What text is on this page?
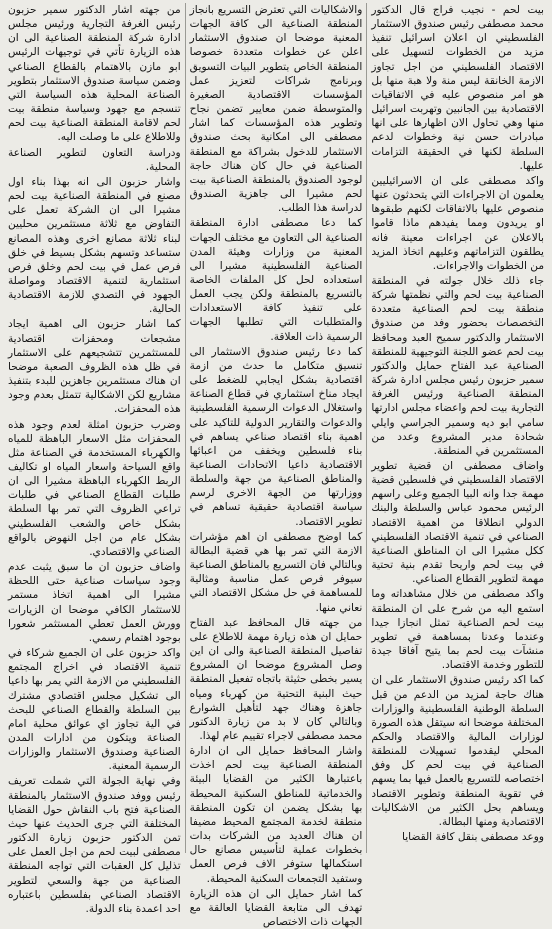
بيت لحم - نجيب فراج قال الدكتور محمد مصطفى رئيس صندوق الاستثمار الفلسطيني ان اعلان اسرائيل تنفيذ مزيد من الخطوات لتسهيل على الاقتصاد الفلسطيني من اجل تجاوز الازمة الخانقة ليس منة ولا هبة منها بل هو امر منصوص عليه في الاتفاقيات الاقتصادية بين الجانبين وتهربت اسرائيل منها وهي تحاول الان اظهارها على انها مبادرات حسن نية وخطوات لدعم السلطة لكنها في الحقيقة التزامات عليها.

واكد مصطفى على ان الاسرائيليين يعلمون ان الاجراءات التي يتحدثون عنها منصوص عليها بالاتفاقات لكنهم طبقوها او يريدون ومما يفيدهم ماذا قاموا بالاعلان عن اجراءات معينة فانه يطلقون التزاماتهم وعليهم اتخاذ المزيد من الخطوات والاجراءات.

جاء ذلك خلال جولته في المنطقة الصناعية بيت لحم والتي نظمتها شركة منطقة بيت لحم الصناعية متعددة التخصصات بحضور وفد من صندوق الاستثمار والدكتور سميح العبد ومحافظ بيت لحم عضو اللجنة التوجيهية للمنطقة الصناعية عبد الفتاح حمايل والدكتور سمير حزبون رئيس مجلس ادارة شركة المنطقة الصناعية ورئيس الغرفة التجارية بيت لحم واعضاء مجلس ادارتها سامي ابو ديه وسمير الجراسي وايلي شحادة مدير المشروع وعدد من المستثمرين في المنطقة.

واضاف مصطفى ان قضية تطوير الاقتصاد الفلسطيني في فلسطين قضية مهمة جدا وانه البيا الجميع وعلى راسهم الرئيس محمود عباس والسلطة والبنك الدولي انطلاقا من اهمية الاقتصاد الصناعي في تنمية الاقتصاد الفلسطيني ككل مشيرا الى ان المناطق الصناعية في بيت لحم واريحا تقدم بنية تحتية مهمة لتطوير القطاع الصناعي.

واكد مصطفى من خلال مشاهداته وما استمع اليه من شرح على ان المنطقة بيت لحم الصناعية تمثل انجازا جيدا وعندما وعدنا بمساهمة في تطوير منشآت بيت لحم بما يتيح آفاقا جيدة للتطور وخدمة الاقتصاد.

كما اكد رئيس صندوق الاستثمار على ان هناك حاجة لمزيد من الدعم من قبل السلطة الوطنية الفلسطينية والوزارات المختلفة موضحا انه سيتقل هذه الصورة لوزارات المالية والاقتصاد والحكم المحلي ليقدموا تسهيلات للمنطقة الصناعية في بيت لحم كل وفق اختصاصه للتسريع بالعمل فيها بما يسهم في تقوية المنطقة وتطوير الاقتصاد ويساهم بحل الكثير من الاشكاليات الاقتصادية ومنها البطالة.

ووعد مصطفى بنقل كافة القضايا

والاشكاليات التي تعترض التسريع بانجاز المنطقة الصناعية الى كافة الجهات المعنية موضحا ان صندوق الاستثمار اعلن عن خطوات متعددة خصوصا المنطقة الخاص بتطوير البيات التسويق وبرنامج شراكات لتعزيز عمل المؤسسات الاقتصادية الصغيرة والمتوسطة ضمن معايير تضمن نجاح وتطوير هذه المؤسسات كما اشار مصطفى الى امكانية بحث صندوق الاستثمار للدخول بشراكة مع المنطقة الصناعية في حال كان هناك حاجة لوجود الصندوق بالمنطقة الصناعية بيت لحم مشيرا الى جاهزية الصندوق لدراسة هذا الطلب.

كما دعا مصطفى ادارة المنطقة الصناعية الى التعاون مع مختلف الجهات المعنية من وزارات وهيئة المدن الصناعية الفلسطينية مشيرا الى استعداده لحل كل الملفات الخاصة بالتسريع بالمنطقة ولكن يجب العمل على تنفيذ كافة الاستعدادات والمتطلبات التي تطلبها الجهات الرسمية ذات العلاقة.

كما دعا رئيس صندوق الاستثمار الى تنسيق متكامل ما حدث من ازمة اقتصادية بشكل ايجابي للضغط على ايجاد مناخ استثماري في قطاع الصناعة واستغلال الدعوات الرسمية الفلسطينية والدعوات والتقارير الدولية للتاكيد على اهمية بناء اقتصاد صناعي يساهم في بناء فلسطين ويخفف من اعبائها الاقتصادية داعيا الاتحادات الصناعية والمناطق الصناعية من جهة والسلطة ووزارتها من الجهة الاخرى لرسم سياسة اقتصادية حقيقية تساهم في تطوير الاقتصاد.

كما اوضح مصطفى ان اهم مؤشرات الازمة التي تمر بها هي قضية البطالة وبالتالي فان التسريع بالمناطق الصناعية سيوفر فرص عمل مناسبة ومثالية للمساهمة في حل مشكل الاقتصاد التي نعاني منها.

من جهته قال المحافظ عبد الفتاح حمايل ان هذه زيارة مهمة للاطلاع على تفاصيل المنطقة الصناعية والى ان اين وصل المشروع موضحا ان المشروع يسير بخطى حثيثة باتجاه تفعيل المنطقة حيث البنية التحتية من كهرباء ومياه جاهزة وهناك جهد لتأهيل الشوارع وبالتالي كان لا بد من زيارة الدكتور محمد مصطفى لاجراء تقييم عام لهذا.

واشار المحافظ حمايل الى ان ادارة المنطقة الصناعية بيت لحم اخذت باعتبارها الكثير من القضايا البيئة والخدماتية للمناطق السكنية المحيطة بها بشكل يضمن ان تكون المنطقة منطقة لخدمة المجتمع المحيط مضيفا ان هناك العديد من الشركات بدات بخطوات عملية لتأسيس مصانع حال استكمالها ستوفر الاف فرص العمل وستفيد التجمعات السكنية المحيطة.

كما اشار حمايل الى ان هذه الزيارة تهدف الى متابعة القضايا العالقة مع الجهات ذات الاختصاص

من جهته اشار الدكتور سمير حزبون رئيس الغرفة التجارية ورئيس مجلس ادارة شركة المنطقة الصناعية الى ان هذه الزيارة تأتي في توجيهات الرئيس ابو مازن بالاهتمام بالقطاع الصناعي وضمن سياسة صندوق الاستثمار بتطوير الصناعة المحلية هذه السياسة التي تنسجم مع جهود وسياسة منطقة بيت لحم لاقامة المنطقة الصناعية بيت لحم وللاطلاع على ما وصلت اليه.

ودراسة التعاون لتطوير الصناعة المحلية.

واشار حزبون الى انه بهذا بناء اول مصنع في المنطقة الصناعية بيت لحم مشيرا الى ان الشركة تعمل على التفاوض مع ثلاثة مستثمرين محليين لبناء ثلاثة مصانع اخرى وهذه المصانع ستساعد وتسهم بشكل بسيط في خلق فرص عمل في بيت لحم وخلق فرص استثمارية لتنمية الاقتصاد ومواصلة الجهود في التصدي للازمة الاقتصادية الحالية.

كما اشار حزبون الى اهمية ايجاد مشجعات ومحفزات اقتصادية للمستثمرين تتشجيعهم على الاستثمار في ظل هذه الظروف الصعبة موضحا ان هناك مستثمرين جاهزين للبدء بتنفيذ مشاريع لكن الاشكالية تتمثل بعدم وجود هذه المحفزات.

وضرب حزبون امثلة لعدم وجود هذه المحفزات مثل الاسعار الباهظة للمياه والكهرباء المستخدمة في الصناعة مثل واقع السياحة واسعار المياه او تكاليف الربط الكهرباء الباهظة مشيرا الى ان طلبات القطاع الصناعي في طلبات تراعي الظروف التي تمر بها السلطة بشكل خاص والشعب الفلسطيني بشكل عام من اجل النهوض بالواقع الصناعي والاقتصادي.

واضاف حزبون ان ما سبق يثبت عدم وجود سياسات صناعية حتى اللحظة مشيرا الى اهمية اتخاذ مستمر للاستثمار الكافي موضحا ان الزيارات وورش العمل تعطي المستثمر شعورا بوجود اهتمام رسمي.

واكد حزبون على ان الجميع شركاء في تنمية الاقتصاد في اخراج المجتمع الفلسطيني من الازمة التي يمر بها داعيا الى تشكيل مجلس اقتصادي مشترك بين السلطة والقطاع الصناعي للبحث في الية تجاوز اي عوائق محلية امام الصناعة ويتكون من ادارات المدن الصناعية وصندوق الاستثمار والوزارات الرسمية المعنية.

وفي نهاية الجولة التي شملت تعريف رئيس ووفد صندوق الاستثمار بالمنطقة الصناعية فتح باب النقاش حول القضايا المختلفة التي جرى الحديث عنها حيث تمن الدكتور حزبون زيارة الدكتور مصطفى لبيت لحم من اجل العمل على تذليل كل العقبات التي تواجه المنطقة الصناعية من جهة والسعي لتطوير الاقتصاد الصناعي بفلسطين باعتباره احد اعمدة بناء الدولة.
